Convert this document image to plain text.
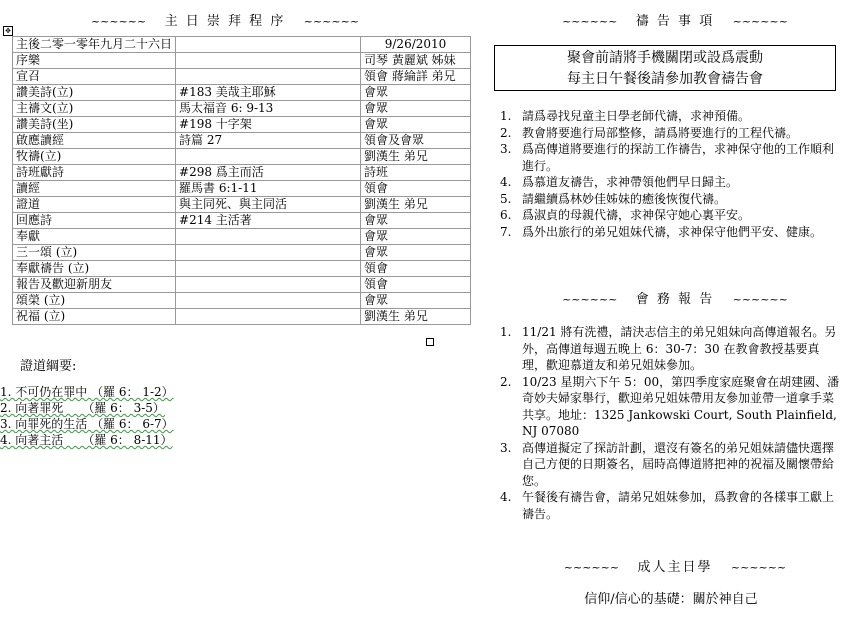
~~~~~~ 主 日 崇 拜 程 序 ~~~~~~
✥
主後二零一零年九月二十六日		9/26/2010
序樂		司琴 黃麗斌 姊妹
宣召		領會 蔣綸詳 弟兄
讚美詩(立)	#183 美哉主耶穌	會眾
主禱文(立)	馬太福音 6: 9-13	會眾
讚美詩(坐)	#198 十字架	會眾
啟應讀經	詩篇 27	領會及會眾
牧禱(立)		劉漢生 弟兄
詩班獻詩	#298 爲主而活	詩班
讀經	羅馬書 6:1-11	領會
證道	與主同死、與主同活	劉漢生 弟兄
回應詩	#214 主活著	會眾
奉獻		會眾
三一頌 (立)		會眾
奉獻禱告 (立)		領會
報告及歡迎新朋友		領會
頌榮 (立)		會眾
祝福 (立)		劉漢生 弟兄
證道綱要:
1. 不可仍在罪中 （羅 6： 1-2）
2. 向著罪死     （羅 6： 3-5）
3. 向罪死的生活 （羅 6： 6-7）
4. 向著主活     （羅 6： 8-11）
~~~~~~ 禱 告 事 項 ~~~~~~
聚會前請將手機關閉或設爲震動
每主日午餐後請參加教會禱告會
1. 請爲尋找兒童主日學老師代禱，求神預備。
2. 教會將要進行局部整修，請爲將要進行的工程代禱。
3. 爲高傳道將要進行的探訪工作禱告，求神保守他的工作順利進行。
4. 爲慕道友禱告，求神帶領他們早日歸主。
5. 請繼續爲林妙佳姊妹的癒後恢復代禱。
6. 爲淑貞的母親代禱，求神保守她心裏平安。
7. 爲外出旅行的弟兄姐妹代禱，求神保守他們平安、健康。
~~~~~~ 會 務 報 告 ~~~~~~
1. 11/21 將有洗禮，請決志信主的弟兄姐妹向高傳道報名。另外，高傳道每週五晚上 6：30-7：30 在教會教授基要真理，歡迎慕道友和弟兄姐妹參加。
2. 10/23 星期六下午 5：00，第四季度家庭聚會在胡建國、潘奇妙夫婦家舉行，歡迎弟兄姐妹帶用友參加並帶一道拿手菜共享。地址：1325 Jankowski Court, South Plainfield, NJ 07080
3. 高傳道擬定了探訪計劃，還沒有簽名的弟兄姐妹請儘快選擇自己方便的日期簽名，屆時高傳道將把神的祝福及關懷帶給您。
4. 午餐後有禱告會，請弟兄姐妹參加，爲教會的各樣事工獻上禱告。
~~~~~~ 成人主日學 ~~~~~~
信仰/信心的基礎：關於神自己
